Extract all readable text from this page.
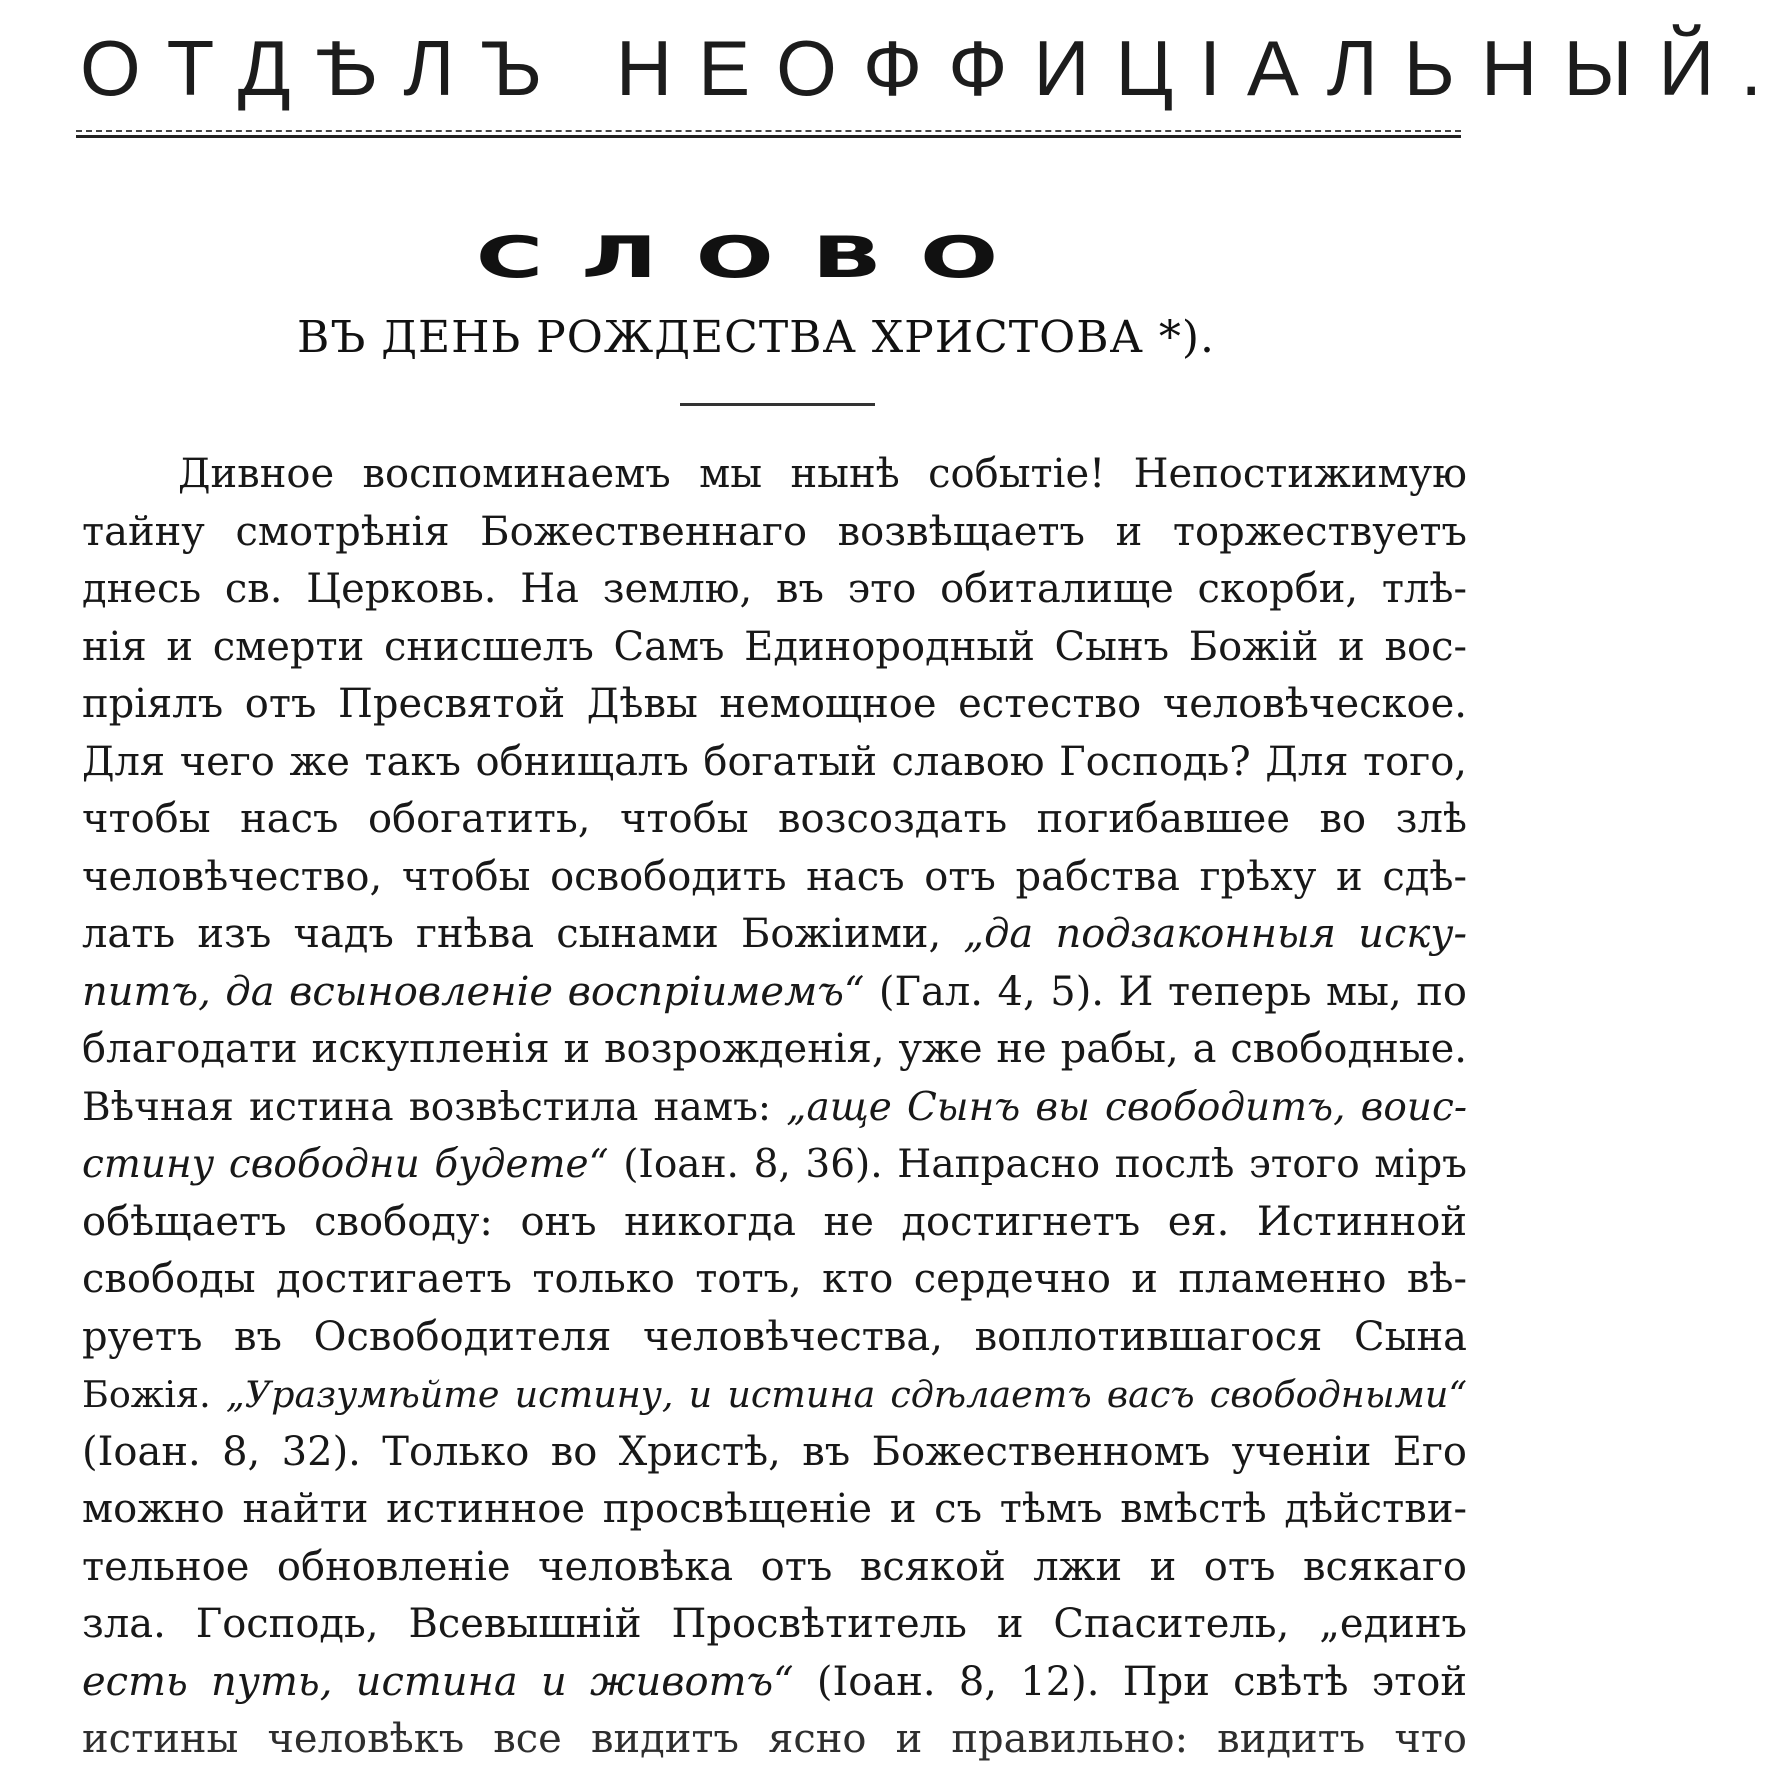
ОТДѢЛЪ НЕОФФИЦІАЛЬНЫЙ.
СЛОВО
ВЪ ДЕНЬ РОЖДЕСТВА ХРИСТОВА *).
Дивное воспоминаемъ мы нынѣ событіе! Непостижимую
тайну смотрѣнія Божественнаго возвѣщаетъ и торжествуетъ
днесь св. Церковь. На землю, въ это обиталище скорби, тлѣ-
нія и смерти снисшелъ Самъ Единородный Сынъ Божій и вос-
пріялъ отъ Пресвятой Дѣвы немощное естество человѣческое.
Для чего же такъ обнищалъ богатый славою Господь? Для того,
чтобы насъ обогатить, чтобы возсоздать погибавшее во злѣ
человѣчество, чтобы освободить насъ отъ рабства грѣху и сдѣ-
лать изъ чадъ гнѣва сынами Божіими, „да подзаконныя иску-
питъ, да всыновленіе воспріимемъ“ (Гал. 4, 5). И теперь мы, по
благодати искупленія и возрожденія, уже не рабы, а свободные.
Вѣчная истина возвѣстила намъ: „аще Сынъ вы свободитъ, воис-
стину свободни будете“ (Іоан. 8, 36). Напрасно послѣ этого міръ
обѣщаетъ свободу: онъ никогда не достигнетъ ея. Истинной
свободы достигаетъ только тотъ, кто сердечно и пламенно вѣ-
руетъ въ Освободителя человѣчества, воплотившагося Сына
Божія. „Уразумѣйте истину, и истина сдѣлаетъ васъ свободными“
(Іоан. 8, 32). Только во Христѣ, въ Божественномъ ученіи Его
можно найти истинное просвѣщеніе и съ тѣмъ вмѣстѣ дѣйстви-
тельное обновленіе человѣка отъ всякой лжи и отъ всякаго
зла. Господь, Всевышній Просвѣтитель и Спаситель, „единъ
есть путь, истина и животъ“ (Іоан. 8, 12). При свѣтѣ этой
истины человѣкъ все видитъ ясно и правильно: видитъ что
